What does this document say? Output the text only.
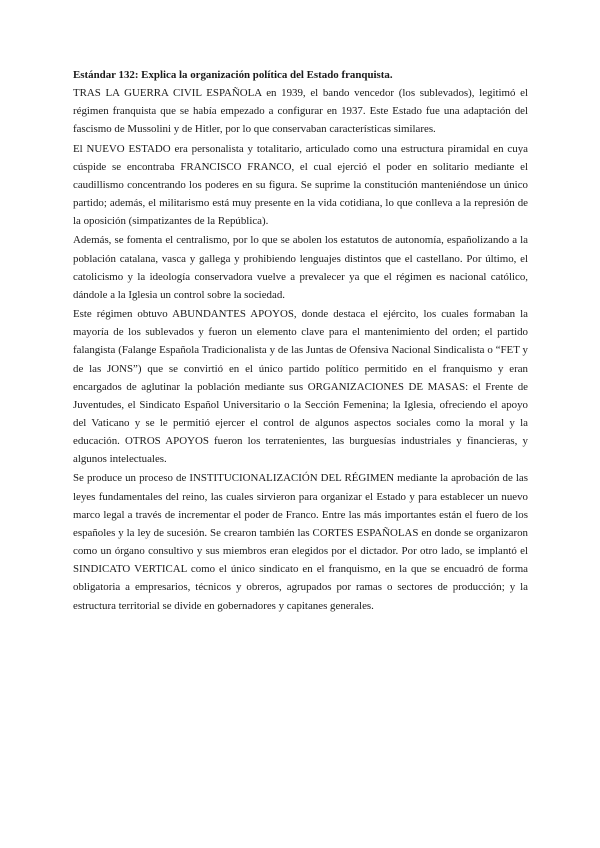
Estándar 132: Explica la organización política del Estado franquista.

TRAS LA GUERRA CIVIL ESPAÑOLA en 1939, el bando vencedor (los sublevados), legitimó el régimen franquista que se había empezado a configurar en 1937. Este Estado fue una adaptación del fascismo de Mussolini y de Hitler, por lo que conservaban características similares.

El NUEVO ESTADO era personalista y totalitario, articulado como una estructura piramidal en cuya cúspide se encontraba FRANCISCO FRANCO, el cual ejerció el poder en solitario mediante el caudillismo concentrando los poderes en su figura. Se suprime la constitución manteniéndose un único partido; además, el militarismo está muy presente en la vida cotidiana, lo que conlleva a la represión de la oposición (simpatizantes de la República).

Además, se fomenta el centralismo, por lo que se abolen los estatutos de autonomía, españolizando a la población catalana, vasca y gallega y prohibiendo lenguajes distintos que el castellano. Por último, el catolicismo y la ideología conservadora vuelve a prevalecer ya que el régimen es nacional católico, dándole a la Iglesia un control sobre la sociedad.

Este régimen obtuvo ABUNDANTES APOYOS, donde destaca el ejército, los cuales formaban la mayoría de los sublevados y fueron un elemento clave para el mantenimiento del orden; el partido falangista (Falange Española Tradicionalista y de las Juntas de Ofensiva Nacional Sindicalista o “FET y de las JONS”) que se convirtió en el único partido político permitido en el franquismo y eran encargados de aglutinar la población mediante sus ORGANIZACIONES DE MASAS: el Frente de Juventudes, el Sindicato Español Universitario o la Sección Femenina; la Iglesia, ofreciendo el apoyo del Vaticano y se le permitió ejercer el control de algunos aspectos sociales como la moral y la educación. OTROS APOYOS fueron los terratenientes, las burguesías industriales y financieras, y algunos intelectuales.

Se produce un proceso de INSTITUCIONALIZACIÓN DEL RÉGIMEN mediante la aprobación de las leyes fundamentales del reino, las cuales sirvieron para organizar el Estado y para establecer un nuevo marco legal a través de incrementar el poder de Franco. Entre las más importantes están el fuero de los españoles y la ley de sucesión. Se crearon también las CORTES ESPAÑOLAS en donde se organizaron como un órgano consultivo y sus miembros eran elegidos por el dictador. Por otro lado, se implantó el SINDICATO VERTICAL como el único sindicato en el franquismo, en la que se encuadró de forma obligatoria a empresarios, técnicos y obreros, agrupados por ramas o sectores de producción; y la estructura territorial se divide en gobernadores y capitanes generales.
